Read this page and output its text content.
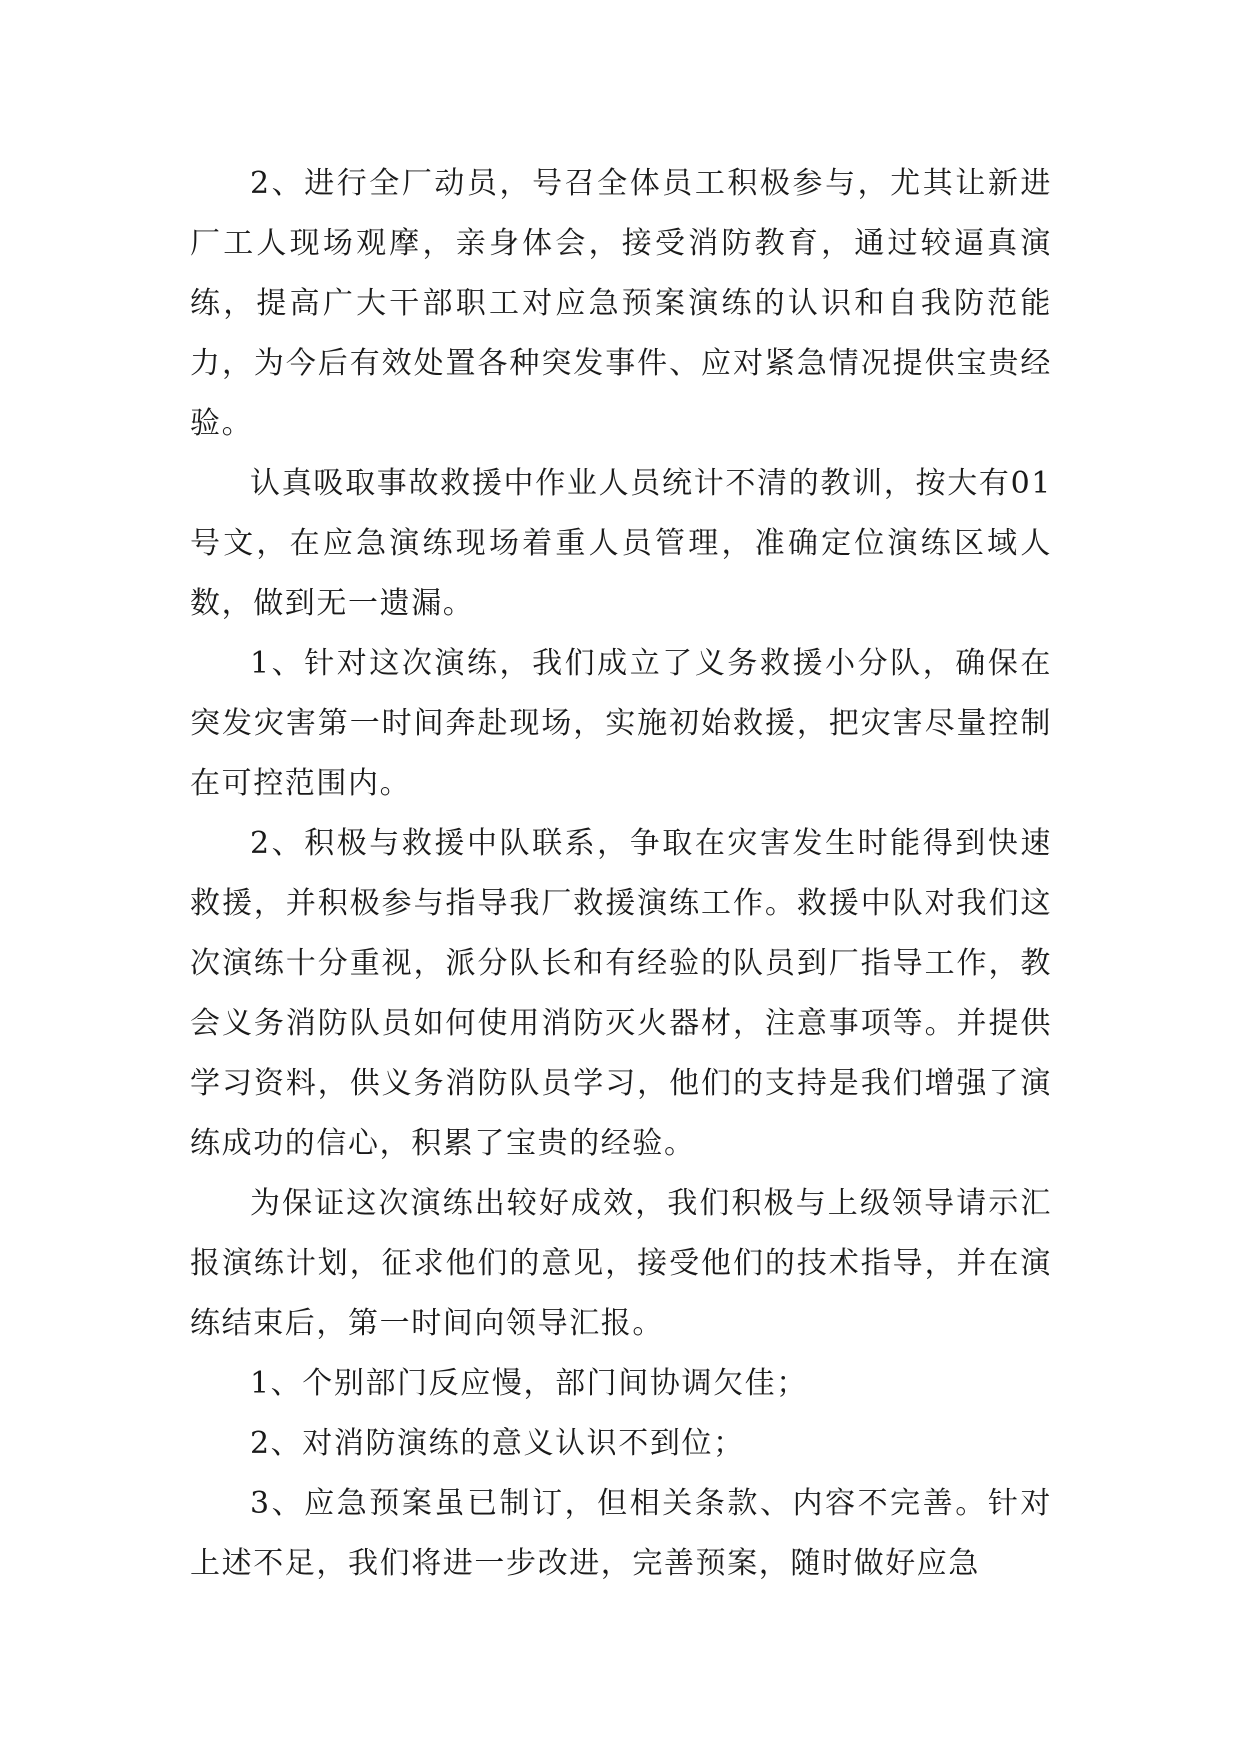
2、进行全厂动员，号召全体员工积极参与，尤其让新进厂工人现场观摩，亲身体会，接受消防教育，通过较逼真演练，提高广大干部职工对应急预案演练的认识和自我防范能力，为今后有效处置各种突发事件、应对紧急情况提供宝贵经验。

认真吸取事故救援中作业人员统计不清的教训，按大有01号文，在应急演练现场着重人员管理，准确定位演练区域人数，做到无一遗漏。

1、针对这次演练，我们成立了义务救援小分队，确保在突发灾害第一时间奔赴现场，实施初始救援，把灾害尽量控制在可控范围内。

2、积极与救援中队联系，争取在灾害发生时能得到快速救援，并积极参与指导我厂救援演练工作。救援中队对我们这次演练十分重视，派分队长和有经验的队员到厂指导工作，教会义务消防队员如何使用消防灭火器材，注意事项等。并提供学习资料，供义务消防队员学习，他们的支持是我们增强了演练成功的信心，积累了宝贵的经验。

为保证这次演练出较好成效，我们积极与上级领导请示汇报演练计划，征求他们的意见，接受他们的技术指导，并在演练结束后，第一时间向领导汇报。

1、个别部门反应慢，部门间协调欠佳；

2、对消防演练的意义认识不到位；

3、应急预案虽已制订，但相关条款、内容不完善。针对上述不足，我们将进一步改进，完善预案，随时做好应急
